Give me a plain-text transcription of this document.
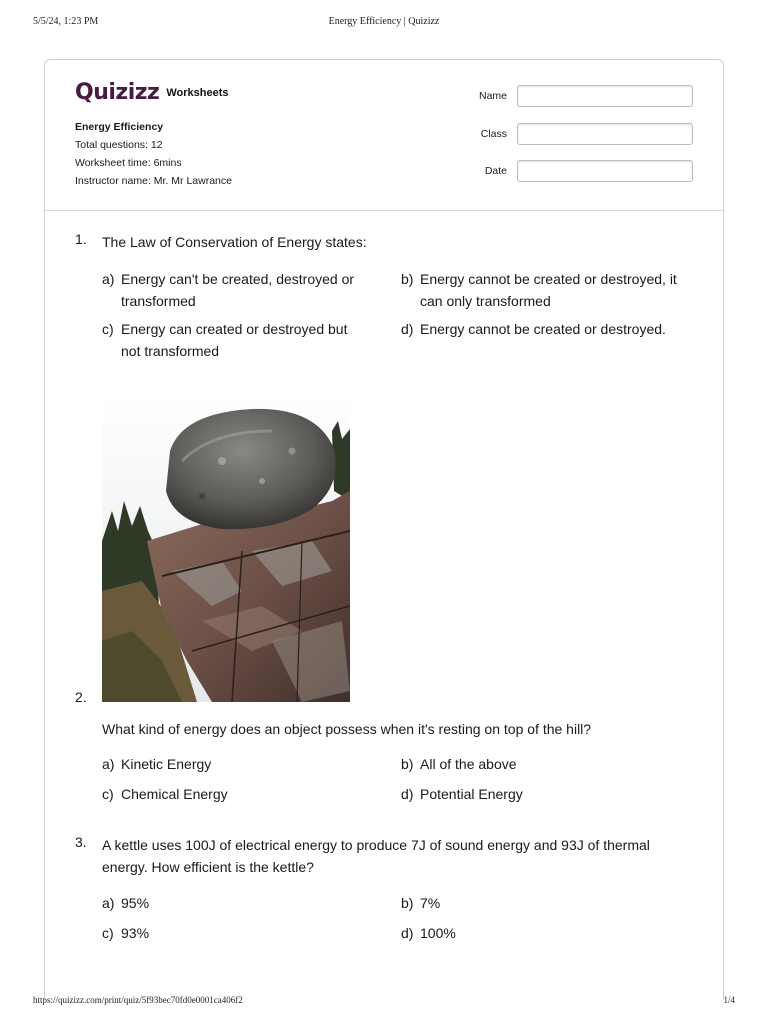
5/5/24, 1:23 PM	Energy Efficiency | Quizizz
Quizizz Worksheets
Energy Efficiency
Total questions: 12
Worksheet time: 6mins
Instructor name: Mr. Mr Lawrance
Name
Class
Date
1. The Law of Conservation of Energy states:
a) Energy can't be created, destroyed or transformed
b) Energy cannot be created or destroyed, it can only transformed
c) Energy can created or destroyed but not transformed
d) Energy cannot be created or destroyed.
2.
What kind of energy does an object possess when it's resting on top of the hill?
a) Kinetic Energy	b) All of the above
c) Chemical Energy	d) Potential Energy
3. A kettle uses 100J of electrical energy to produce 7J of sound energy and 93J of thermal energy. How efficient is the kettle?
a) 95%	b) 7%
c) 93%	d) 100%
https://quizizz.com/print/quiz/5f93bec70fd0e0001ca406f2	1/4
